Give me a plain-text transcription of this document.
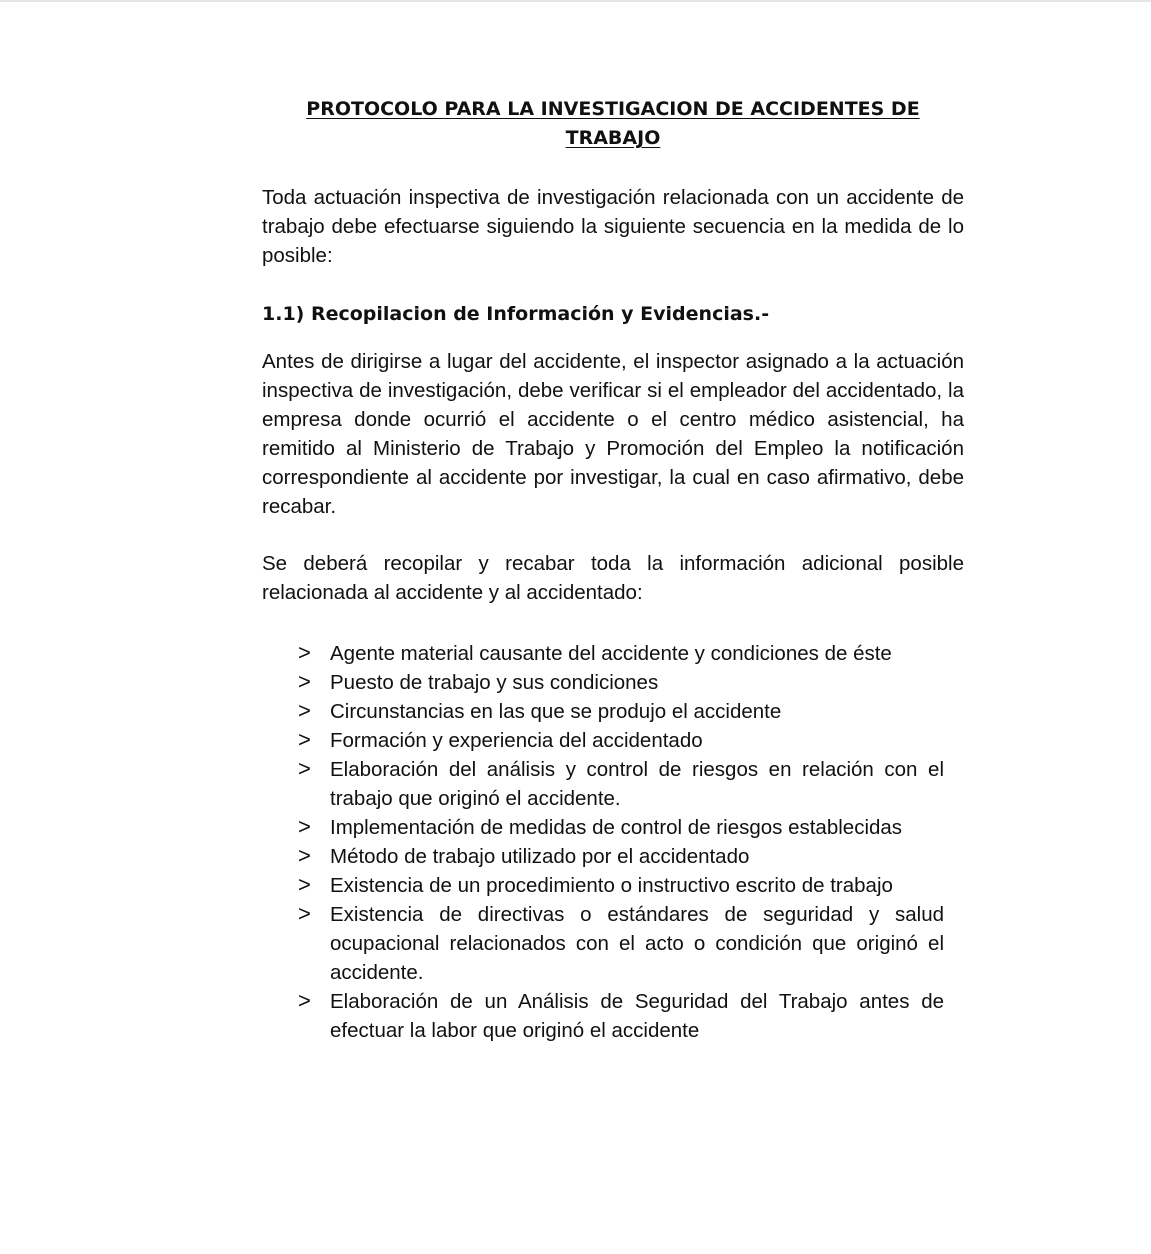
PROTOCOLO PARA LA INVESTIGACION DE ACCIDENTES DE
TRABAJO

Toda actuación inspectiva de investigación relacionada con un accidente de trabajo debe efectuarse siguiendo la siguiente secuencia en la medida de lo posible:

1.1) Recopilacion de Información y Evidencias.-

Antes de dirigirse a lugar del accidente, el inspector asignado a la actuación inspectiva de investigación, debe verificar si el empleador del accidentado, la empresa donde ocurrió el accidente o el centro médico asistencial, ha remitido al Ministerio de Trabajo y Promoción del Empleo la notificación correspondiente al accidente por investigar, la cual en caso afirmativo, debe recabar.

Se deberá recopilar y recabar toda la información adicional posible relacionada al accidente y al accidentado:

> Agente material causante del accidente y condiciones de éste
> Puesto de trabajo y sus condiciones
> Circunstancias en las que se produjo el accidente
> Formación y experiencia del accidentado
> Elaboración del análisis y control de riesgos en relación con el trabajo que originó el accidente.
> Implementación de medidas de control de riesgos establecidas
> Método de trabajo utilizado por el accidentado
> Existencia de un procedimiento o instructivo escrito de trabajo
> Existencia de directivas o estándares de seguridad y salud ocupacional relacionados con el acto o condición que originó el accidente.
> Elaboración de un Análisis de Seguridad del Trabajo antes de efectuar la labor que originó el accidente
